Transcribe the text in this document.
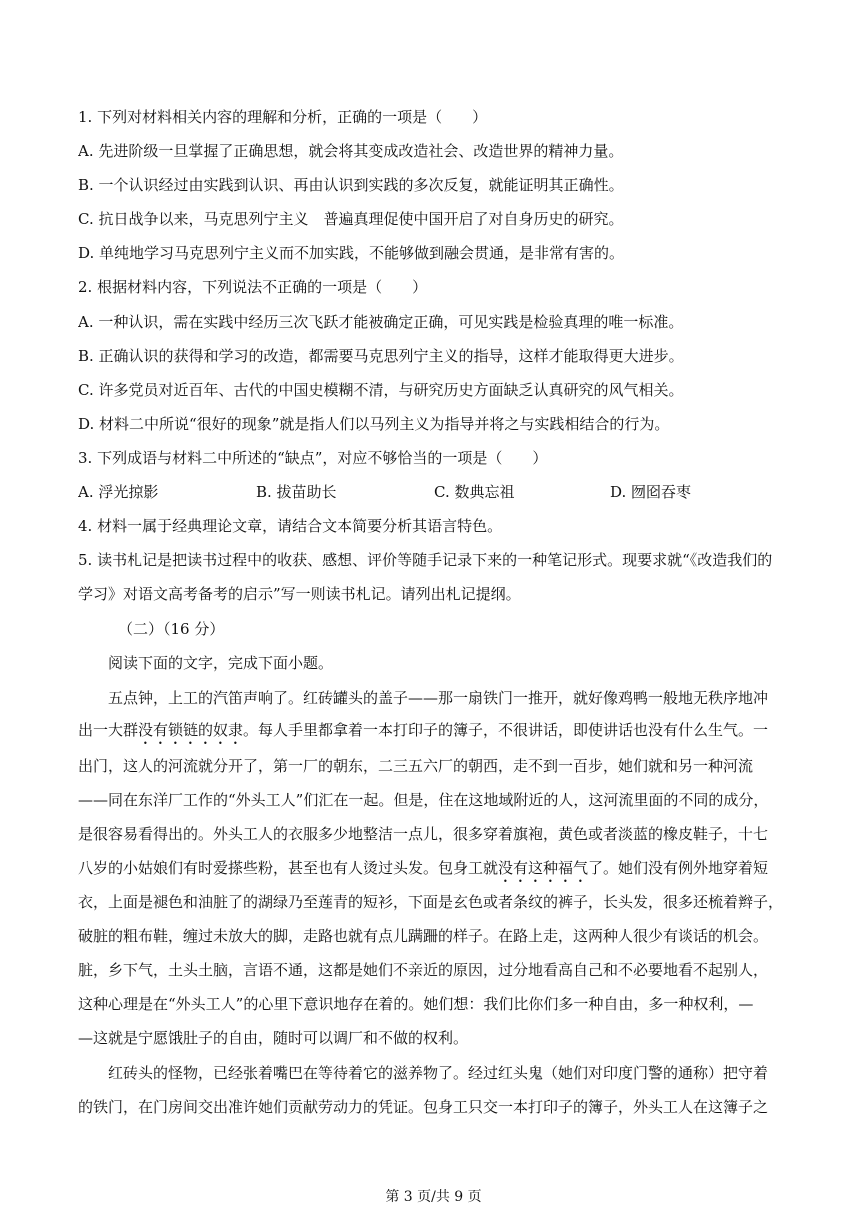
1. 下列对材料相关内容的理解和分析，正确的一项是（　　）
A. 先进阶级一旦掌握了正确思想，就会将其变成改造社会、改造世界的精神力量。
B. 一个认识经过由实践到认识、再由认识到实践的多次反复，就能证明其正确性。
C. 抗日战争以来，马克思列宁主义　普遍真理促使中国开启了对自身历史的研究。
D. 单纯地学习马克思列宁主义而不加实践，不能够做到融会贯通，是非常有害的。
2. 根据材料内容，下列说法不正确的一项是（　　）
A. 一种认识，需在实践中经历三次飞跃才能被确定正确，可见实践是检验真理的唯一标准。
B. 正确认识的获得和学习的改造，都需要马克思列宁主义的指导，这样才能取得更大进步。
C. 许多党员对近百年、古代的中国史模糊不清，与研究历史方面缺乏认真研究的风气相关。
D. 材料二中所说“很好的现象”就是指人们以马列主义为指导并将之与实践相结合的行为。
3. 下列成语与材料二中所述的“缺点”，对应不够恰当的一项是（　　）
A. 浮光掠影	B. 拔苗助长	C. 数典忘祖	D. 囫囵吞枣
4. 材料一属于经典理论文章，请结合文本简要分析其语言特色。
5. 读书札记是把读书过程中的收获、感想、评价等随手记录下来的一种笔记形式。现要求就“《改造我们的
学习》对语文高考备考的启示”写一则读书札记。请列出札记提纲。
（二）（16 分）
阅读下面的文字，完成下面小题。
五点钟，上工的汽笛声响了。红砖罐头的盖子——那一扇铁门一推开，就好像鸡鸭一般地无秩序地冲
出一大群没有锁链的奴隶。每人手里都拿着一本打印子的簿子，不很讲话，即使讲话也没有什么生气。一
出门，这人的河流就分开了，第一厂的朝东，二三五六厂的朝西，走不到一百步，她们就和另一种河流
——同在东洋厂工作的“外头工人”们汇在一起。但是，住在这地域附近的人，这河流里面的不同的成分，
是很容易看得出的。外头工人的衣服多少地整洁一点儿，很多穿着旗袍，黄色或者淡蓝的橡皮鞋子，十七
八岁的小姑娘们有时爱搽些粉，甚至也有人烫过头发。包身工就没有这种福气了。她们没有例外地穿着短
衣，上面是褪色和油脏了的湖绿乃至莲青的短衫，下面是玄色或者条纹的裤子，长头发，很多还梳着辫子，
破脏的粗布鞋，缠过未放大的脚，走路也就有点儿蹒跚的样子。在路上走，这两种人很少有谈话的机会。
脏，乡下气，土头土脑，言语不通，这都是她们不亲近的原因，过分地看高自己和不必要地看不起别人，
这种心理是在“外头工人”的心里下意识地存在着的。她们想：我们比你们多一种自由，多一种权利，—
—这就是宁愿饿肚子的自由，随时可以调厂和不做的权利。
红砖头的怪物，已经张着嘴巴在等待着它的滋养物了。经过红头鬼（她们对印度门警的通称）把守着
的铁门，在门房间交出准许她们贡献劳动力的凭证。包身工只交一本打印子的簿子，外头工人在这簿子之
第 3 页/共 9 页
